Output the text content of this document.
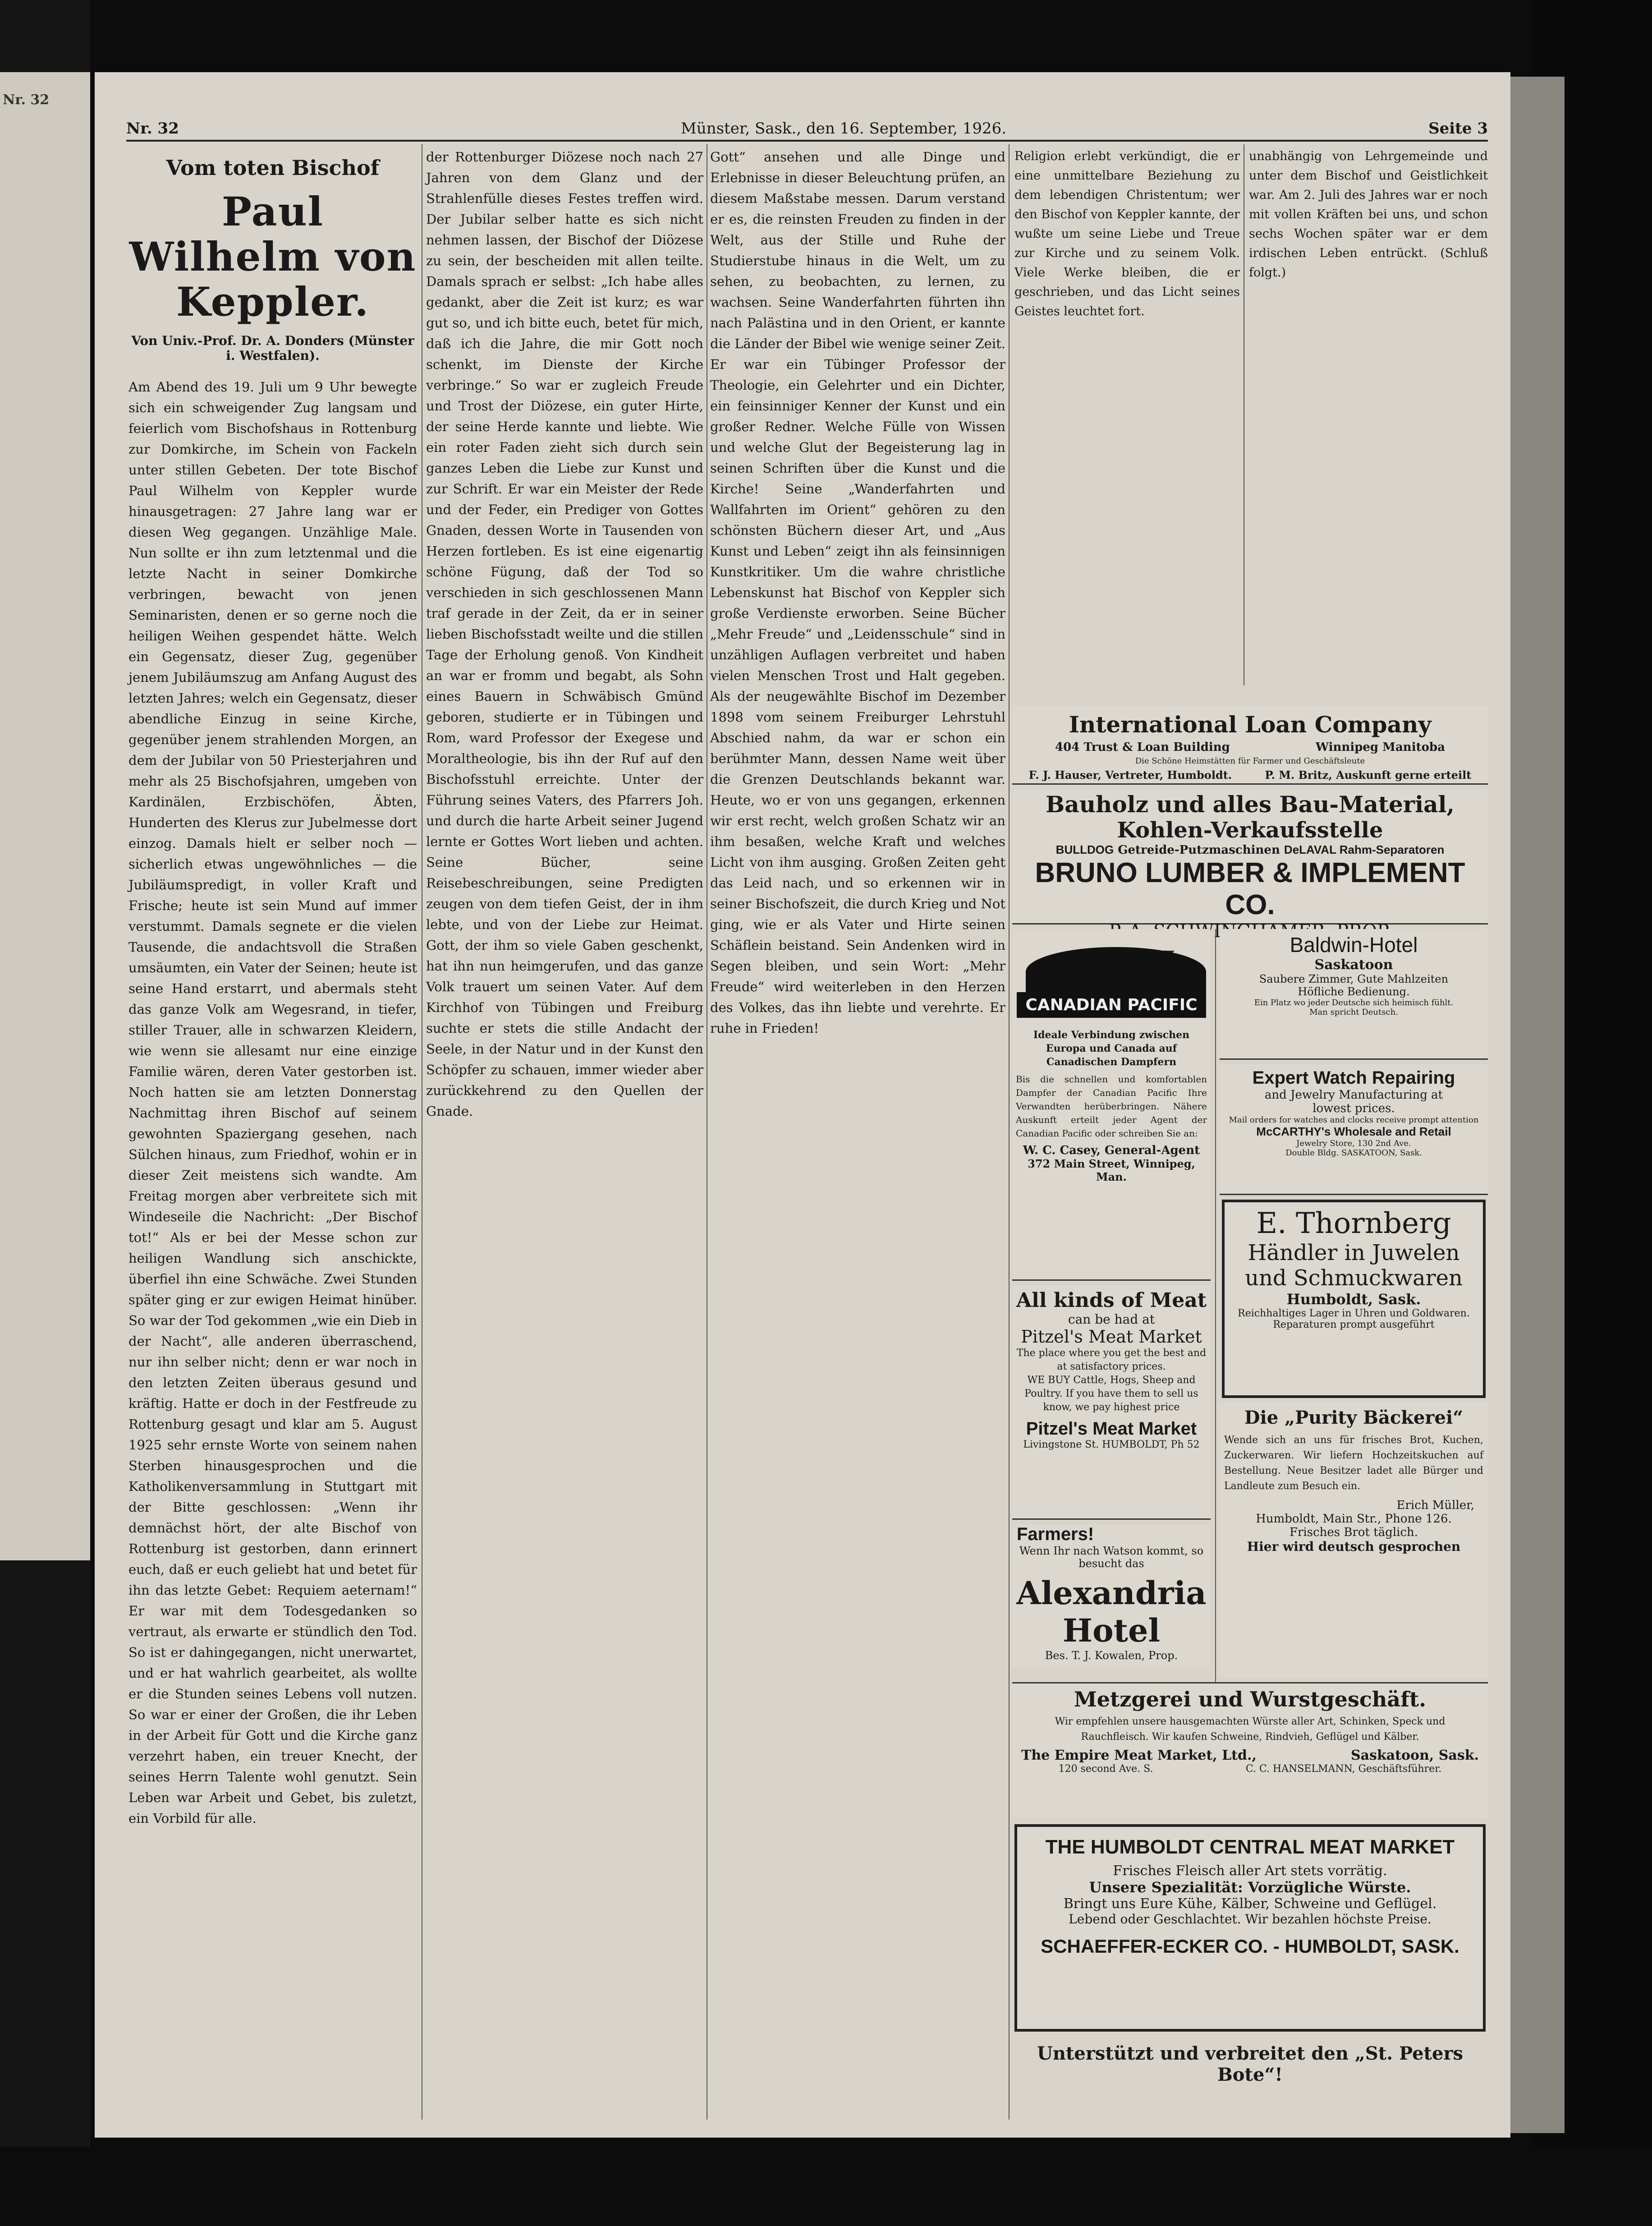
Nr. 32
Nr. 32	Münster, Sask., den 16. September, 1926.	Seite 3
Vom toten Bischof
Paul Wilhelm von Keppler.
Von Univ.-Prof. Dr. A. Donders (Münster i. Westfalen).
Am Abend des 19. Juli um 9 Uhr bewegte sich ein schweigender Zug langsam und feierlich vom Bischofshaus in Rottenburg zur Domkirche, im Schein von Fackeln unter stillen Gebeten. Der tote Bischof Paul Wilhelm von Keppler wurde hinausgetragen: 27 Jahre lang war er diesen Weg gegangen. Unzählige Male. Nun sollte er ihn zum letztenmal und die letzte Nacht in seiner Domkirche verbringen, bewacht von jenen Seminaristen, denen er so gerne noch die heiligen Weihen gespendet hätte. Welch ein Gegensatz, dieser Zug, gegenüber jenem Jubiläumszug am Anfang August des letzten Jahres; welch ein Gegensatz, dieser abendliche Einzug in seine Kirche, gegenüber jenem strahlenden Morgen, an dem der Jubilar von 50 Priesterjahren und mehr als 25 Bischofsjahren, umgeben von Kardinälen, Erzbischöfen, Äbten, Hunderten des Klerus zur Jubelmesse dort einzog. Damals hielt er selber noch — sicherlich etwas ungewöhnliches — die Jubiläumspredigt, in voller Kraft und Frische; heute ist sein Mund auf immer verstummt. Damals segnete er die vielen Tausende, die andachtsvoll die Straßen umsäumten, ein Vater der Seinen; heute ist seine Hand erstarrt, und abermals steht das ganze Volk am Wegesrand, in tiefer, stiller Trauer, alle in schwarzen Kleidern, wie wenn sie allesamt nur eine einzige Familie wären, deren Vater gestorben ist. Noch hatten sie am letzten Donnerstag Nachmittag ihren Bischof auf seinem gewohnten Spaziergang gesehen, nach Sülchen hinaus, zum Friedhof, wohin er in dieser Zeit meistens sich wandte. Am Freitag morgen aber verbreitete sich mit Windeseile die Nachricht: „Der Bischof tot!“ Als er bei der Messe schon zur heiligen Wandlung sich anschickte, überfiel ihn eine Schwäche. Zwei Stunden später ging er zur ewigen Heimat hinüber. So war der Tod gekommen „wie ein Dieb in der Nacht“, alle anderen überraschend, nur ihn selber nicht; denn er war noch in den letzten Zeiten überaus gesund und kräftig. Hatte er doch in der Festfreude zu Rottenburg gesagt und klar am 5. August 1925 sehr ernste Worte von seinem nahen Sterben hinausgesprochen und die Katholikenversammlung in Stuttgart mit der Bitte geschlossen: „Wenn ihr demnächst hört, der alte Bischof von Rottenburg ist gestorben, dann erinnert euch, daß er euch geliebt hat und betet für ihn das letzte Gebet: Requiem aeternam!“ Er war mit dem Todesgedanken so vertraut, als erwarte er stündlich den Tod. So ist er dahingegangen, nicht unerwartet, und er hat wahrlich gearbeitet, als wollte er die Stunden seines Lebens voll nutzen. So war er einer der Großen, die ihr Leben in der Arbeit für Gott und die Kirche ganz verzehrt haben, ein treuer Knecht, der seines Herrn Talente wohl genutzt. Sein Leben war Arbeit und Gebet, bis zuletzt, ein Vorbild für alle.
der Rottenburger Diözese noch nach 27 Jahren von dem Glanz und der Strahlenfülle dieses Festes treffen wird. Der Jubilar selber hatte es sich nicht nehmen lassen, der Bischof der Diözese zu sein, der bescheiden mit allen teilte. Damals sprach er selbst: „Ich habe alles gedankt, aber die Zeit ist kurz; es war gut so, und ich bitte euch, betet für mich, daß ich die Jahre, die mir Gott noch schenkt, im Dienste der Kirche verbringe.“ So war er zugleich Freude und Trost der Diözese, ein guter Hirte, der seine Herde kannte und liebte. Wie ein roter Faden zieht sich durch sein ganzes Leben die Liebe zur Kunst und zur Schrift. Er war ein Meister der Rede und der Feder, ein Prediger von Gottes Gnaden, dessen Worte in Tausenden von Herzen fortleben. Es ist eine eigenartig schöne Fügung, daß der Tod so verschieden in sich geschlossenen Mann traf gerade in der Zeit, da er in seiner lieben Bischofsstadt weilte und die stillen Tage der Erholung genoß. Von Kindheit an war er fromm und begabt, als Sohn eines Bauern in Schwäbisch Gmünd geboren, studierte er in Tübingen und Rom, ward Professor der Exegese und Moraltheologie, bis ihn der Ruf auf den Bischofsstuhl erreichte. Unter der Führung seines Vaters, des Pfarrers Joh. und durch die harte Arbeit seiner Jugend lernte er Gottes Wort lieben und achten. Seine Bücher, seine Reisebeschreibungen, seine Predigten zeugen von dem tiefen Geist, der in ihm lebte, und von der Liebe zur Heimat. Gott, der ihm so viele Gaben geschenkt, hat ihn nun heimgerufen, und das ganze Volk trauert um seinen Vater. Auf dem Kirchhof von Tübingen und Freiburg suchte er stets die stille Andacht der Seele, in der Natur und in der Kunst den Schöpfer zu schauen, immer wieder aber zurückkehrend zu den Quellen der Gnade.
Gott“ ansehen und alle Dinge und Erlebnisse in dieser Beleuchtung prüfen, an diesem Maßstabe messen. Darum verstand er es, die reinsten Freuden zu finden in der Welt, aus der Stille und Ruhe der Studierstube hinaus in die Welt, um zu sehen, zu beobachten, zu lernen, zu wachsen. Seine Wanderfahrten führten ihn nach Palästina und in den Orient, er kannte die Länder der Bibel wie wenige seiner Zeit. Er war ein Tübinger Professor der Theologie, ein Gelehrter und ein Dichter, ein feinsinniger Kenner der Kunst und ein großer Redner. Welche Fülle von Wissen und welche Glut der Begeisterung lag in seinen Schriften über die Kunst und die Kirche! Seine „Wanderfahrten und Wallfahrten im Orient“ gehören zu den schönsten Büchern dieser Art, und „Aus Kunst und Leben“ zeigt ihn als feinsinnigen Kunstkritiker. Um die wahre christliche Lebenskunst hat Bischof von Keppler sich große Verdienste erworben. Seine Bücher „Mehr Freude“ und „Leidensschule“ sind in unzähligen Auflagen verbreitet und haben vielen Menschen Trost und Halt gegeben. Als der neugewählte Bischof im Dezember 1898 vom seinem Freiburger Lehrstuhl Abschied nahm, da war er schon ein berühmter Mann, dessen Name weit über die Grenzen Deutschlands bekannt war. Heute, wo er von uns gegangen, erkennen wir erst recht, welch großen Schatz wir an ihm besaßen, welche Kraft und welches Licht von ihm ausging. Großen Zeiten geht das Leid nach, und so erkennen wir in seiner Bischofszeit, die durch Krieg und Not ging, wie er als Vater und Hirte seinen Schäflein beistand. Sein Andenken wird in Segen bleiben, und sein Wort: „Mehr Freude“ wird weiterleben in den Herzen des Volkes, das ihn liebte und verehrte. Er ruhe in Frieden!
Religion erlebt verkündigt, die er eine unmittelbare Beziehung zu dem lebendigen Christentum; wer den Bischof von Keppler kannte, der wußte um seine Liebe und Treue zur Kirche und zu seinem Volk. Viele Werke bleiben, die er geschrieben, und das Licht seines Geistes leuchtet fort.
unabhängig von Lehrgemeinde und unter dem Bischof und Geistlichkeit war. Am 2. Juli des Jahres war er noch mit vollen Kräften bei uns, und schon sechs Wochen später war er dem irdischen Leben entrückt. (Schluß folgt.)
International Loan Company
404 Trust & Loan Building	Winnipeg Manitoba
Die Schöne Heimstätten für Farmer und Geschäftsleute
F. J. Hauser, Vertreter, Humboldt.	P. M. Britz, Auskunft gerne erteilt
Bauholz und alles Bau-Material,
Kohlen-Verkaufsstelle
BULLDOG Getreide-Putzmaschinen DeLAVAL Rahm-Separatoren
BRUNO LUMBER & IMPLEMENT CO.
CANADIAN PACIFIC
Ideale Verbindung zwischen Europa und Canada auf Canadischen Dampfern
Bis die schnellen und komfortablen Dampfer der Canadian Pacific Ihre Verwandten herüberbringen. Nähere Auskunft erteilt jeder Agent der Canadian Pacific oder schreiben Sie an:
W. C. Casey, General-Agent
372 Main Street, Winnipeg, Man.
All kinds of Meat
can be had at
Pitzel's Meat Market
The place where you get the best and at satisfactory prices.
WE BUY Cattle, Hogs, Sheep and Poultry. If you have them to sell us know, we pay highest price
Pitzel's Meat Market
Livingstone St. HUMBOLDT, Ph 52
Farmers!
Wenn Ihr nach Watson kommt, so besucht das
Alexandria Hotel
Bes. T. J. Kowalen, Prop.
Baldwin-Hotel
Saskatoon
Saubere Zimmer, Gute Mahlzeiten
Höfliche Bedienung.
Ein Platz wo jeder Deutsche sich heimisch fühlt.
Man spricht Deutsch.
Expert Watch Repairing
and Jewelry Manufacturing at
lowest prices.
Mail orders for watches and clocks receive prompt attention
McCARTHY's Wholesale and Retail
Jewelry Store, 130 2nd Ave.
Double Bldg. SASKATOON, Sask.
E. Thornberg
Händler in Juwelen
und Schmuckwaren
Humboldt, Sask.
Reichhaltiges Lager in Uhren und Goldwaren.
Reparaturen prompt ausgeführt
Die „Purity Bäckerei“
Wende sich an uns für frisches Brot, Kuchen, Zuckerwaren. Wir liefern Hochzeitskuchen auf Bestellung. Neue Besitzer ladet alle Bürger und Landleute zum Besuch ein.
Erich Müller,
Humboldt, Main Str., Phone 126.
Frisches Brot täglich.
Hier wird deutsch gesprochen
Metzgerei und Wurstgeschäft.
Wir empfehlen unsere hausgemachten Würste aller Art, Schinken, Speck und Rauchfleisch. Wir kaufen Schweine, Rindvieh, Geflügel und Kälber.
The Empire Meat Market, Ltd.,	Saskatoon, Sask.
120 second Ave. S.	C. C. HANSELMANN, Geschäftsführer.
THE HUMBOLDT CENTRAL MEAT MARKET
Frisches Fleisch aller Art stets vorrätig.
Unsere Spezialität: Vorzügliche Würste.
Bringt uns Eure Kühe, Kälber, Schweine und Geflügel.
Lebend oder Geschlachtet. Wir bezahlen höchste Preise.
SCHAEFFER-ECKER CO. - HUMBOLDT, SASK.
Unterstützt und verbreitet den „St. Peters Bote“!
